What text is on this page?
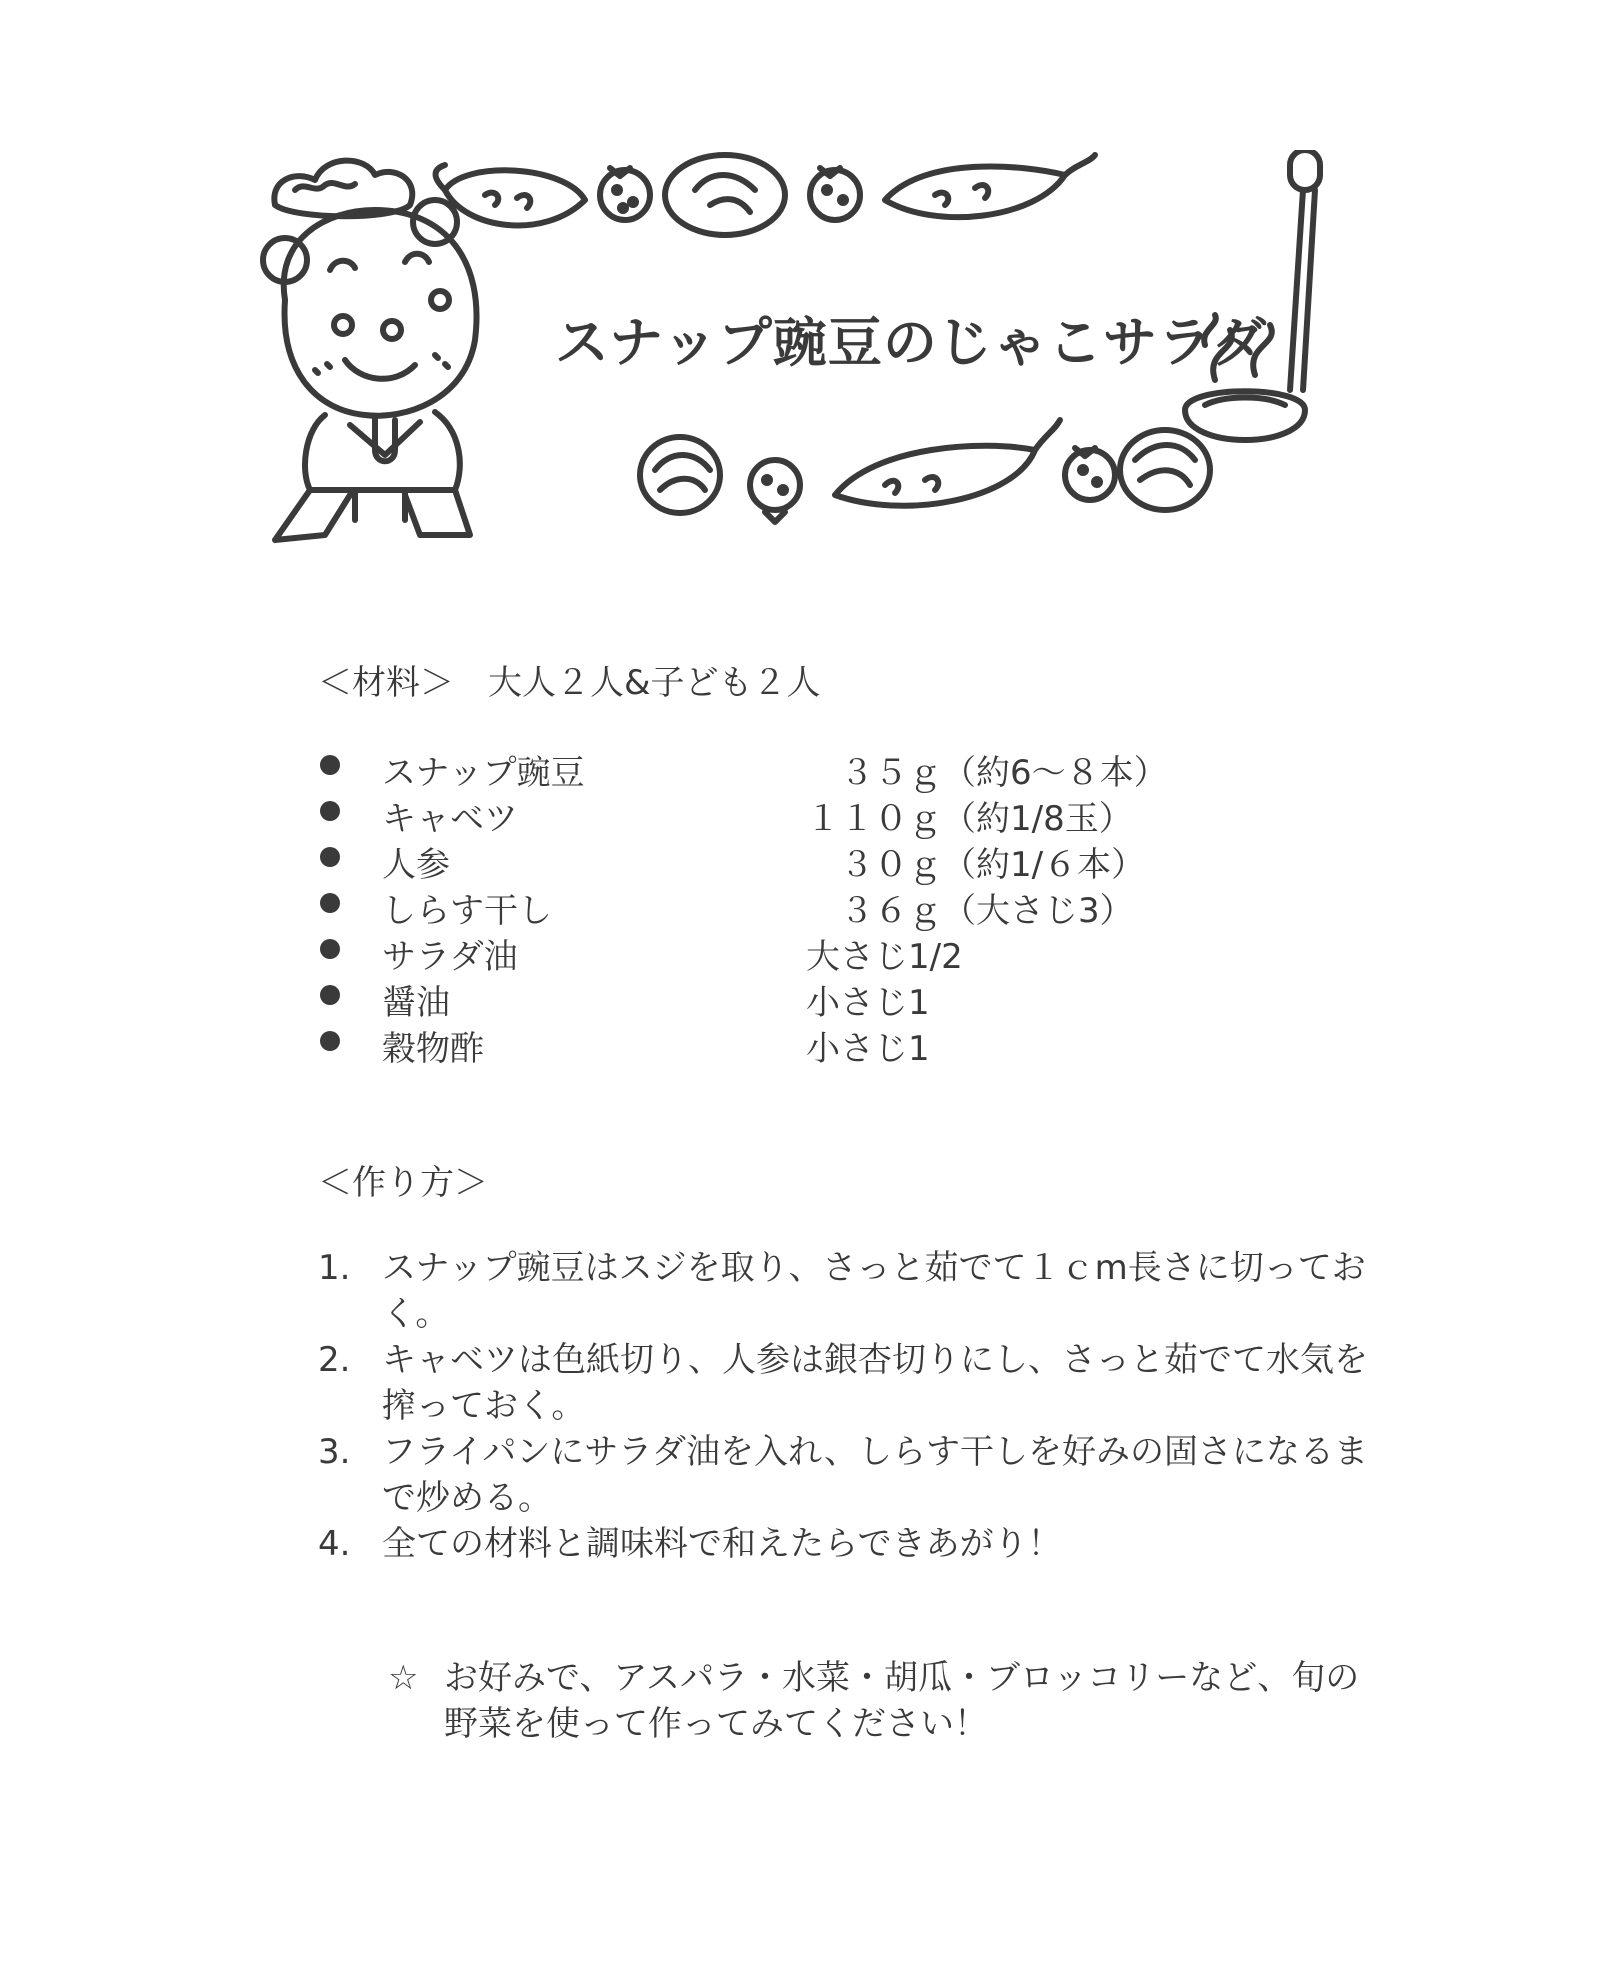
スナップ豌豆のじゃこサラダ
＜材料＞　大人２人&子ども２人
スナップ豌豆	　３５ｇ（約6～８本）
キャベツ	１１０ｇ（約1/8玉）
人参	　３０ｇ（約1/６本）
しらす干し	　３６ｇ（大さじ3）
サラダ油	大さじ1/2
醤油	小さじ1
穀物酢	小さじ1
＜作り方＞
1. スナップ豌豆はスジを取り、さっと茹でて１ｃm長さに切っておく。
2. キャベツは色紙切り、人参は銀杏切りにし、さっと茹でて水気を搾っておく。
3. フライパンにサラダ油を入れ、しらす干しを好みの固さになるまで炒める。
4. 全ての材料と調味料で和えたらできあがり！
☆ お好みで、アスパラ・水菜・胡瓜・ブロッコリーなど、旬の野菜を使って作ってみてください！
